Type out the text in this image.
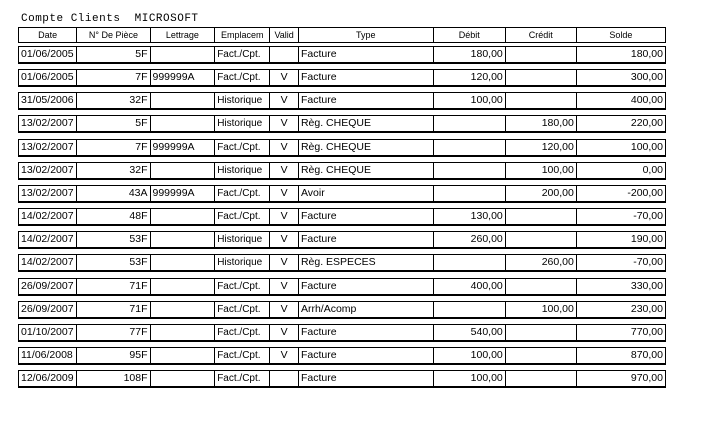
Compte Clients  MICROSOFT
Date	N° De Pièce	Lettrage	Emplacem	Valid	Type	Débit	Crédit	Solde
01/06/2005	5F		Fact./Cpt.		Facture	180,00		180,00
01/06/2005	7F	999999A	Fact./Cpt.	V	Facture	120,00		300,00
31/05/2006	32F		Historique	V	Facture	100,00		400,00
13/02/2007	5F		Historique	V	Règ. CHEQUE		180,00	220,00
13/02/2007	7F	999999A	Fact./Cpt.	V	Règ. CHEQUE		120,00	100,00
13/02/2007	32F		Historique	V	Règ. CHEQUE		100,00	0,00
13/02/2007	43A	999999A	Fact./Cpt.	V	Avoir		200,00	-200,00
14/02/2007	48F		Fact./Cpt.	V	Facture	130,00		-70,00
14/02/2007	53F		Historique	V	Facture	260,00		190,00
14/02/2007	53F		Historique	V	Règ. ESPECES		260,00	-70,00
26/09/2007	71F		Fact./Cpt.	V	Facture	400,00		330,00
26/09/2007	71F		Fact./Cpt.	V	Arrh/Acomp		100,00	230,00
01/10/2007	77F		Fact./Cpt.	V	Facture	540,00		770,00
11/06/2008	95F		Fact./Cpt.	V	Facture	100,00		870,00
12/06/2009	108F		Fact./Cpt.		Facture	100,00		970,00
